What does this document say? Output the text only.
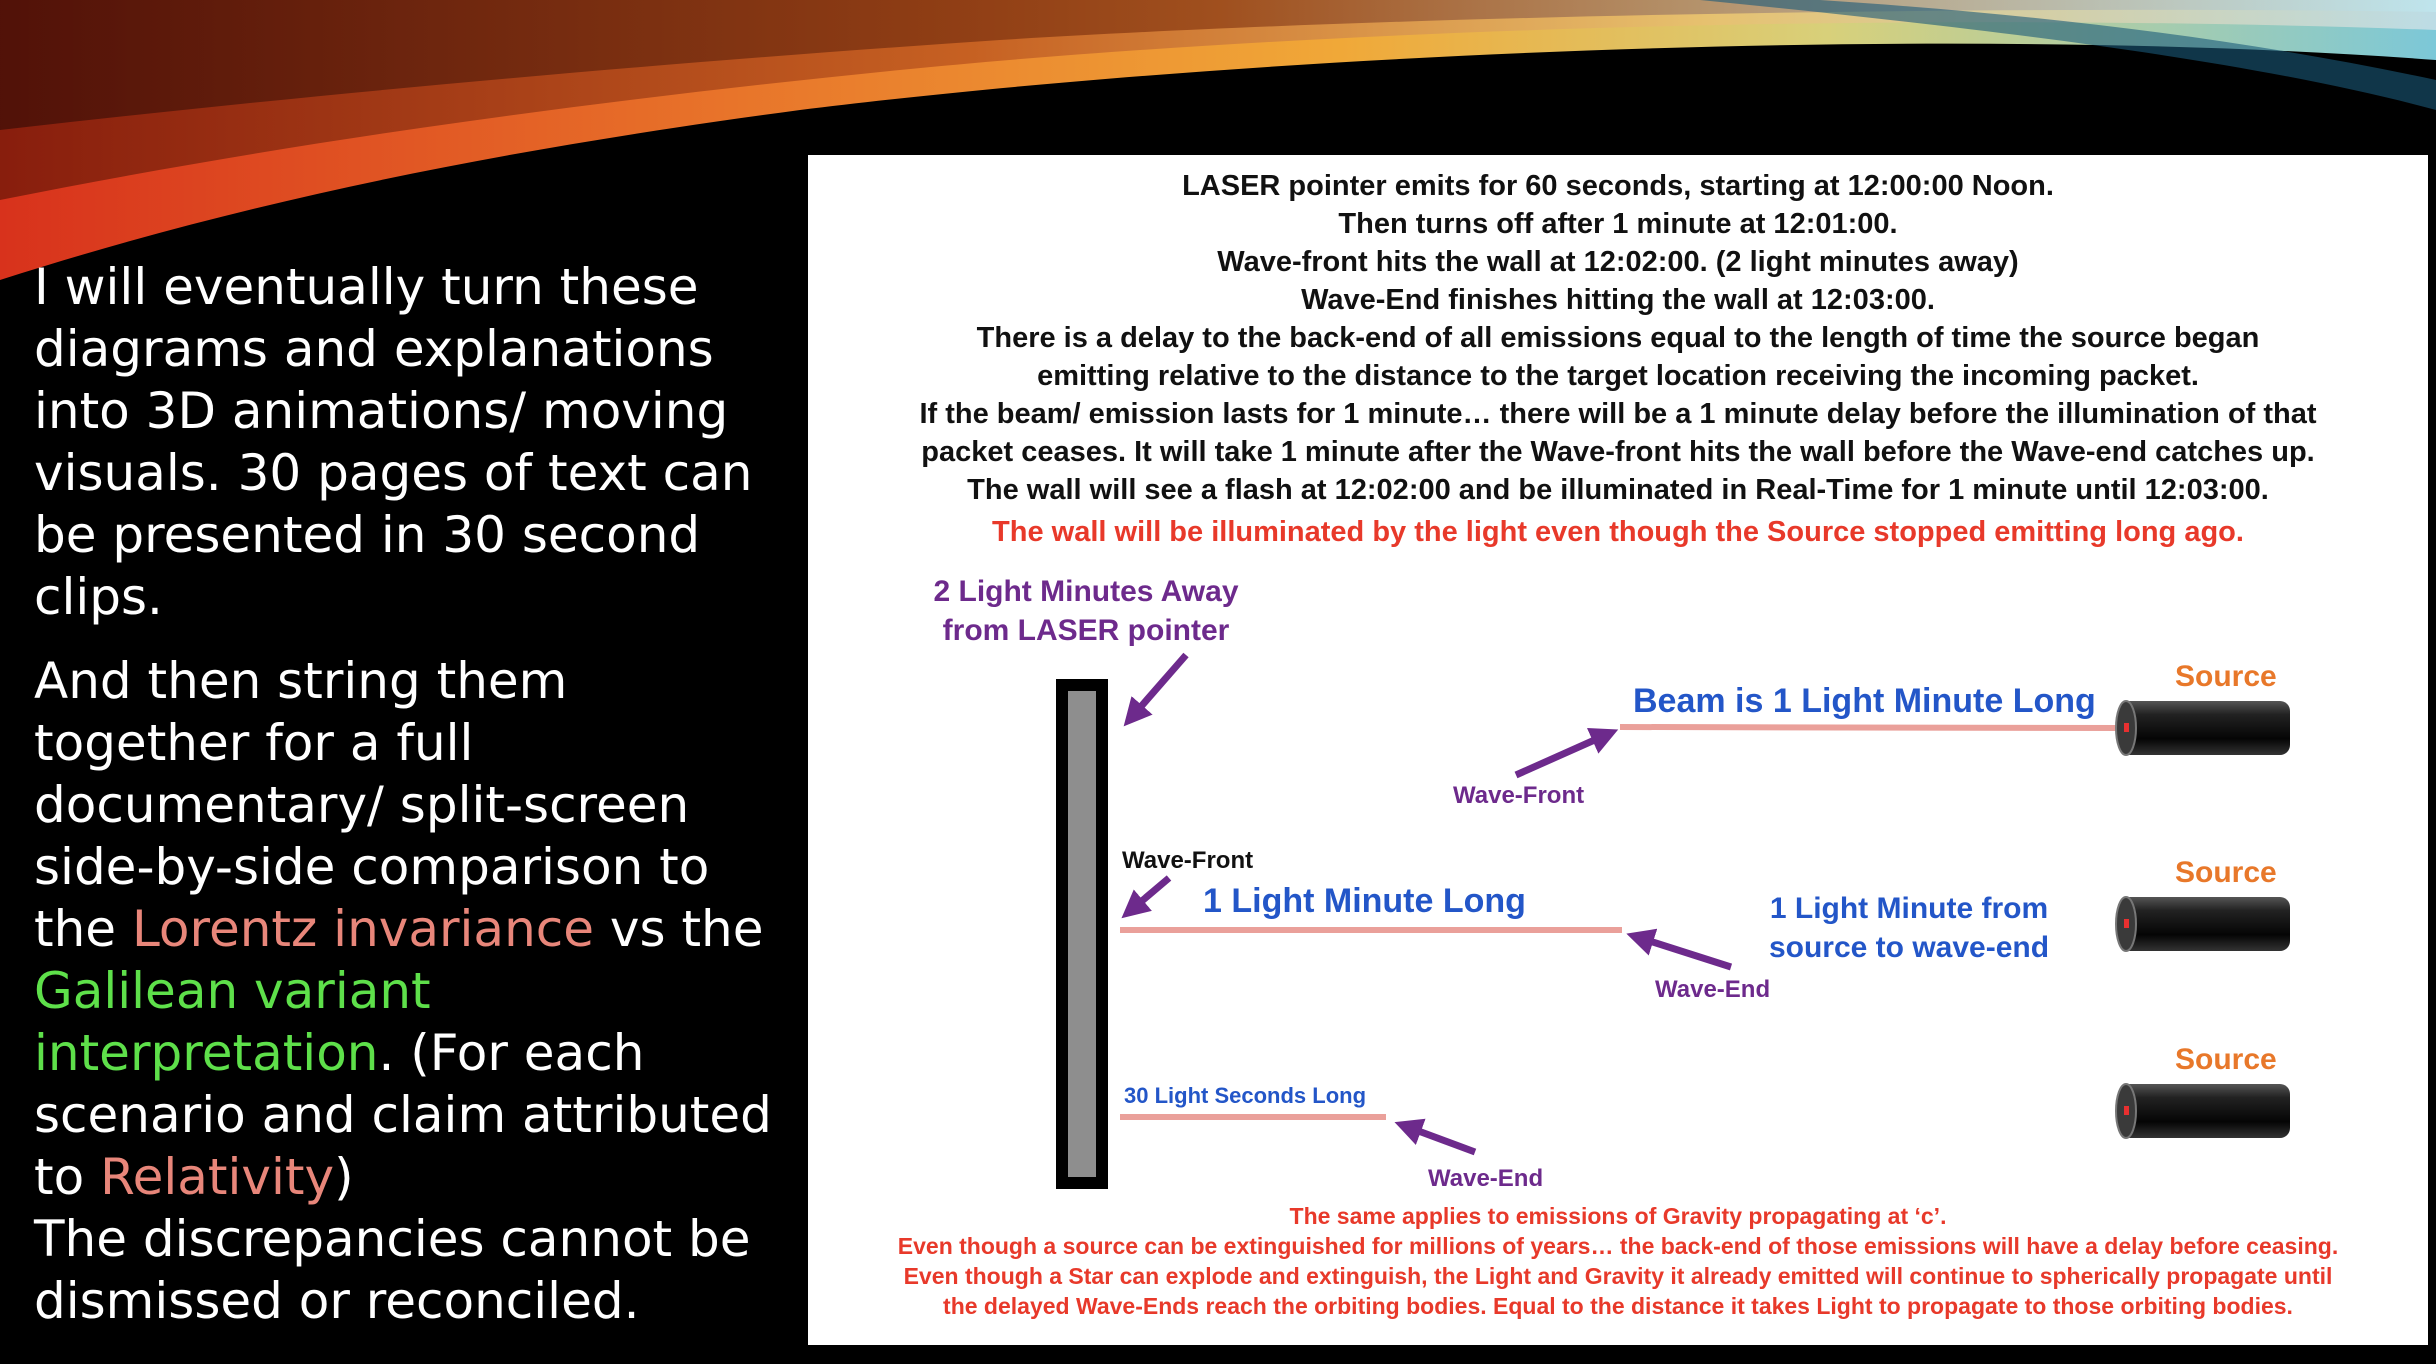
I will eventually turn these diagrams and explanations into 3D animations/ moving visuals. 30 pages of text can be presented in 30 second clips.

And then string them together for a full documentary/ split-screen side-by-side comparison to the Lorentz invariance vs the Galilean variant interpretation. (For each scenario and claim attributed to Relativity)
The discrepancies cannot be dismissed or reconciled.

LASER pointer emits for 60 seconds, starting at 12:00:00 Noon.
Then turns off after 1 minute at 12:01:00.
Wave-front hits the wall at 12:02:00. (2 light minutes away)
Wave-End finishes hitting the wall at 12:03:00.
There is a delay to the back-end of all emissions equal to the length of time the source began
emitting relative to the distance to the target location receiving the incoming packet.
If the beam/ emission lasts for 1 minute… there will be a 1 minute delay before the illumination of that
packet ceases. It will take 1 minute after the Wave-front hits the wall before the Wave-end catches up.
The wall will see a flash at 12:02:00 and be illuminated in Real-Time for 1 minute until 12:03:00.
The wall will be illuminated by the light even though the Source stopped emitting long ago.
2 Light Minutes Away
from LASER pointer
Beam is 1 Light Minute Long
Wave-Front
Source
Wave-Front
1 Light Minute Long	1 Light Minute from
source to wave-end
Wave-End
Source
30 Light Seconds Long
Wave-End
Source
The same applies to emissions of Gravity propagating at ‘c’.
Even though a source can be extinguished for millions of years… the back-end of those emissions will have a delay before ceasing.
Even though a Star can explode and extinguish, the Light and Gravity it already emitted will continue to spherically propagate until
the delayed Wave-Ends reach the orbiting bodies. Equal to the distance it takes Light to propagate to those orbiting bodies.
